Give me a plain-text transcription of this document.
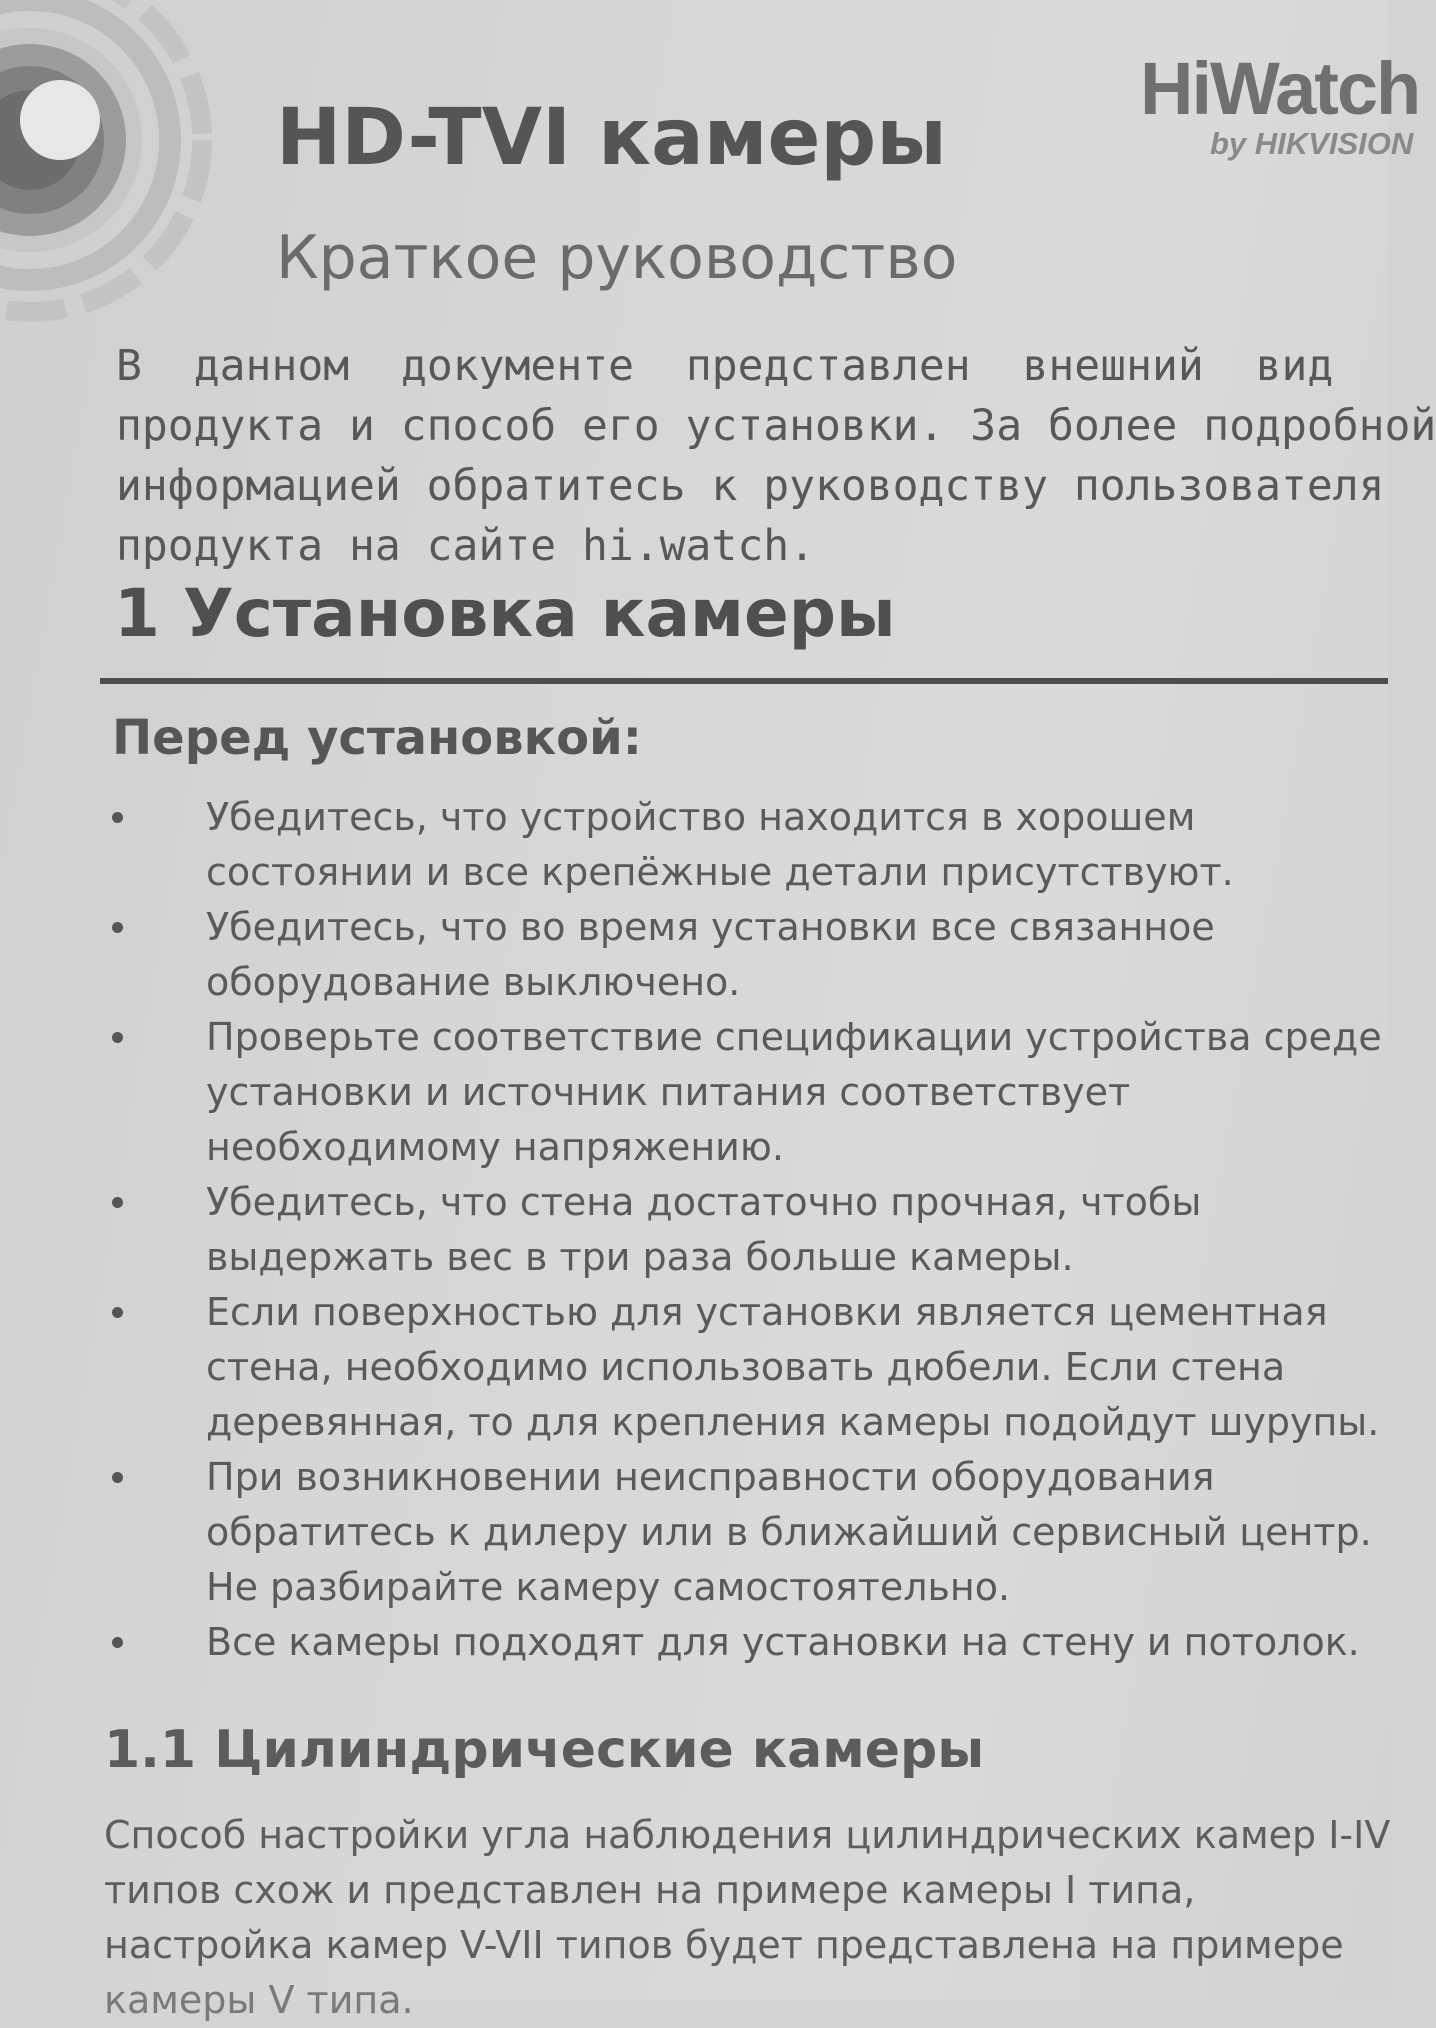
HiWatch
by HIKVISION
HD-TVI камеры
Краткое руководство

В данном документе представлен внешний вид
продукта и способ его установки. За более подробной
информацией обратитесь к руководству пользователя
продукта на сайте hi.watch.

1 Установка камеры
Перед установкой:
Убедитесь, что устройство находится в хорошем
состоянии и все крепёжные детали присутствуют.
Убедитесь, что во время установки все связанное
оборудование выключено.
Проверьте соответствие спецификации устройства среде
установки и источник питания соответствует
необходимому напряжению.
Убедитесь, что стена достаточно прочная, чтобы
выдержать вес в три раза больше камеры.
Если поверхностью для установки является цементная
стена, необходимо использовать дюбели. Если стена
деревянная, то для крепления камеры подойдут шурупы.
При возникновении неисправности оборудования
обратитесь к дилеру или в ближайший сервисный центр.
Не разбирайте камеру самостоятельно.
Все камеры подходят для установки на стену и потолок.
1.1 Цилиндрические камеры

Способ настройки угла наблюдения цилиндрических камер I-IV
типов схож и представлен на примере камеры I типа,
настройка камер V-VII типов будет представлена на примере
камеры V типа.
